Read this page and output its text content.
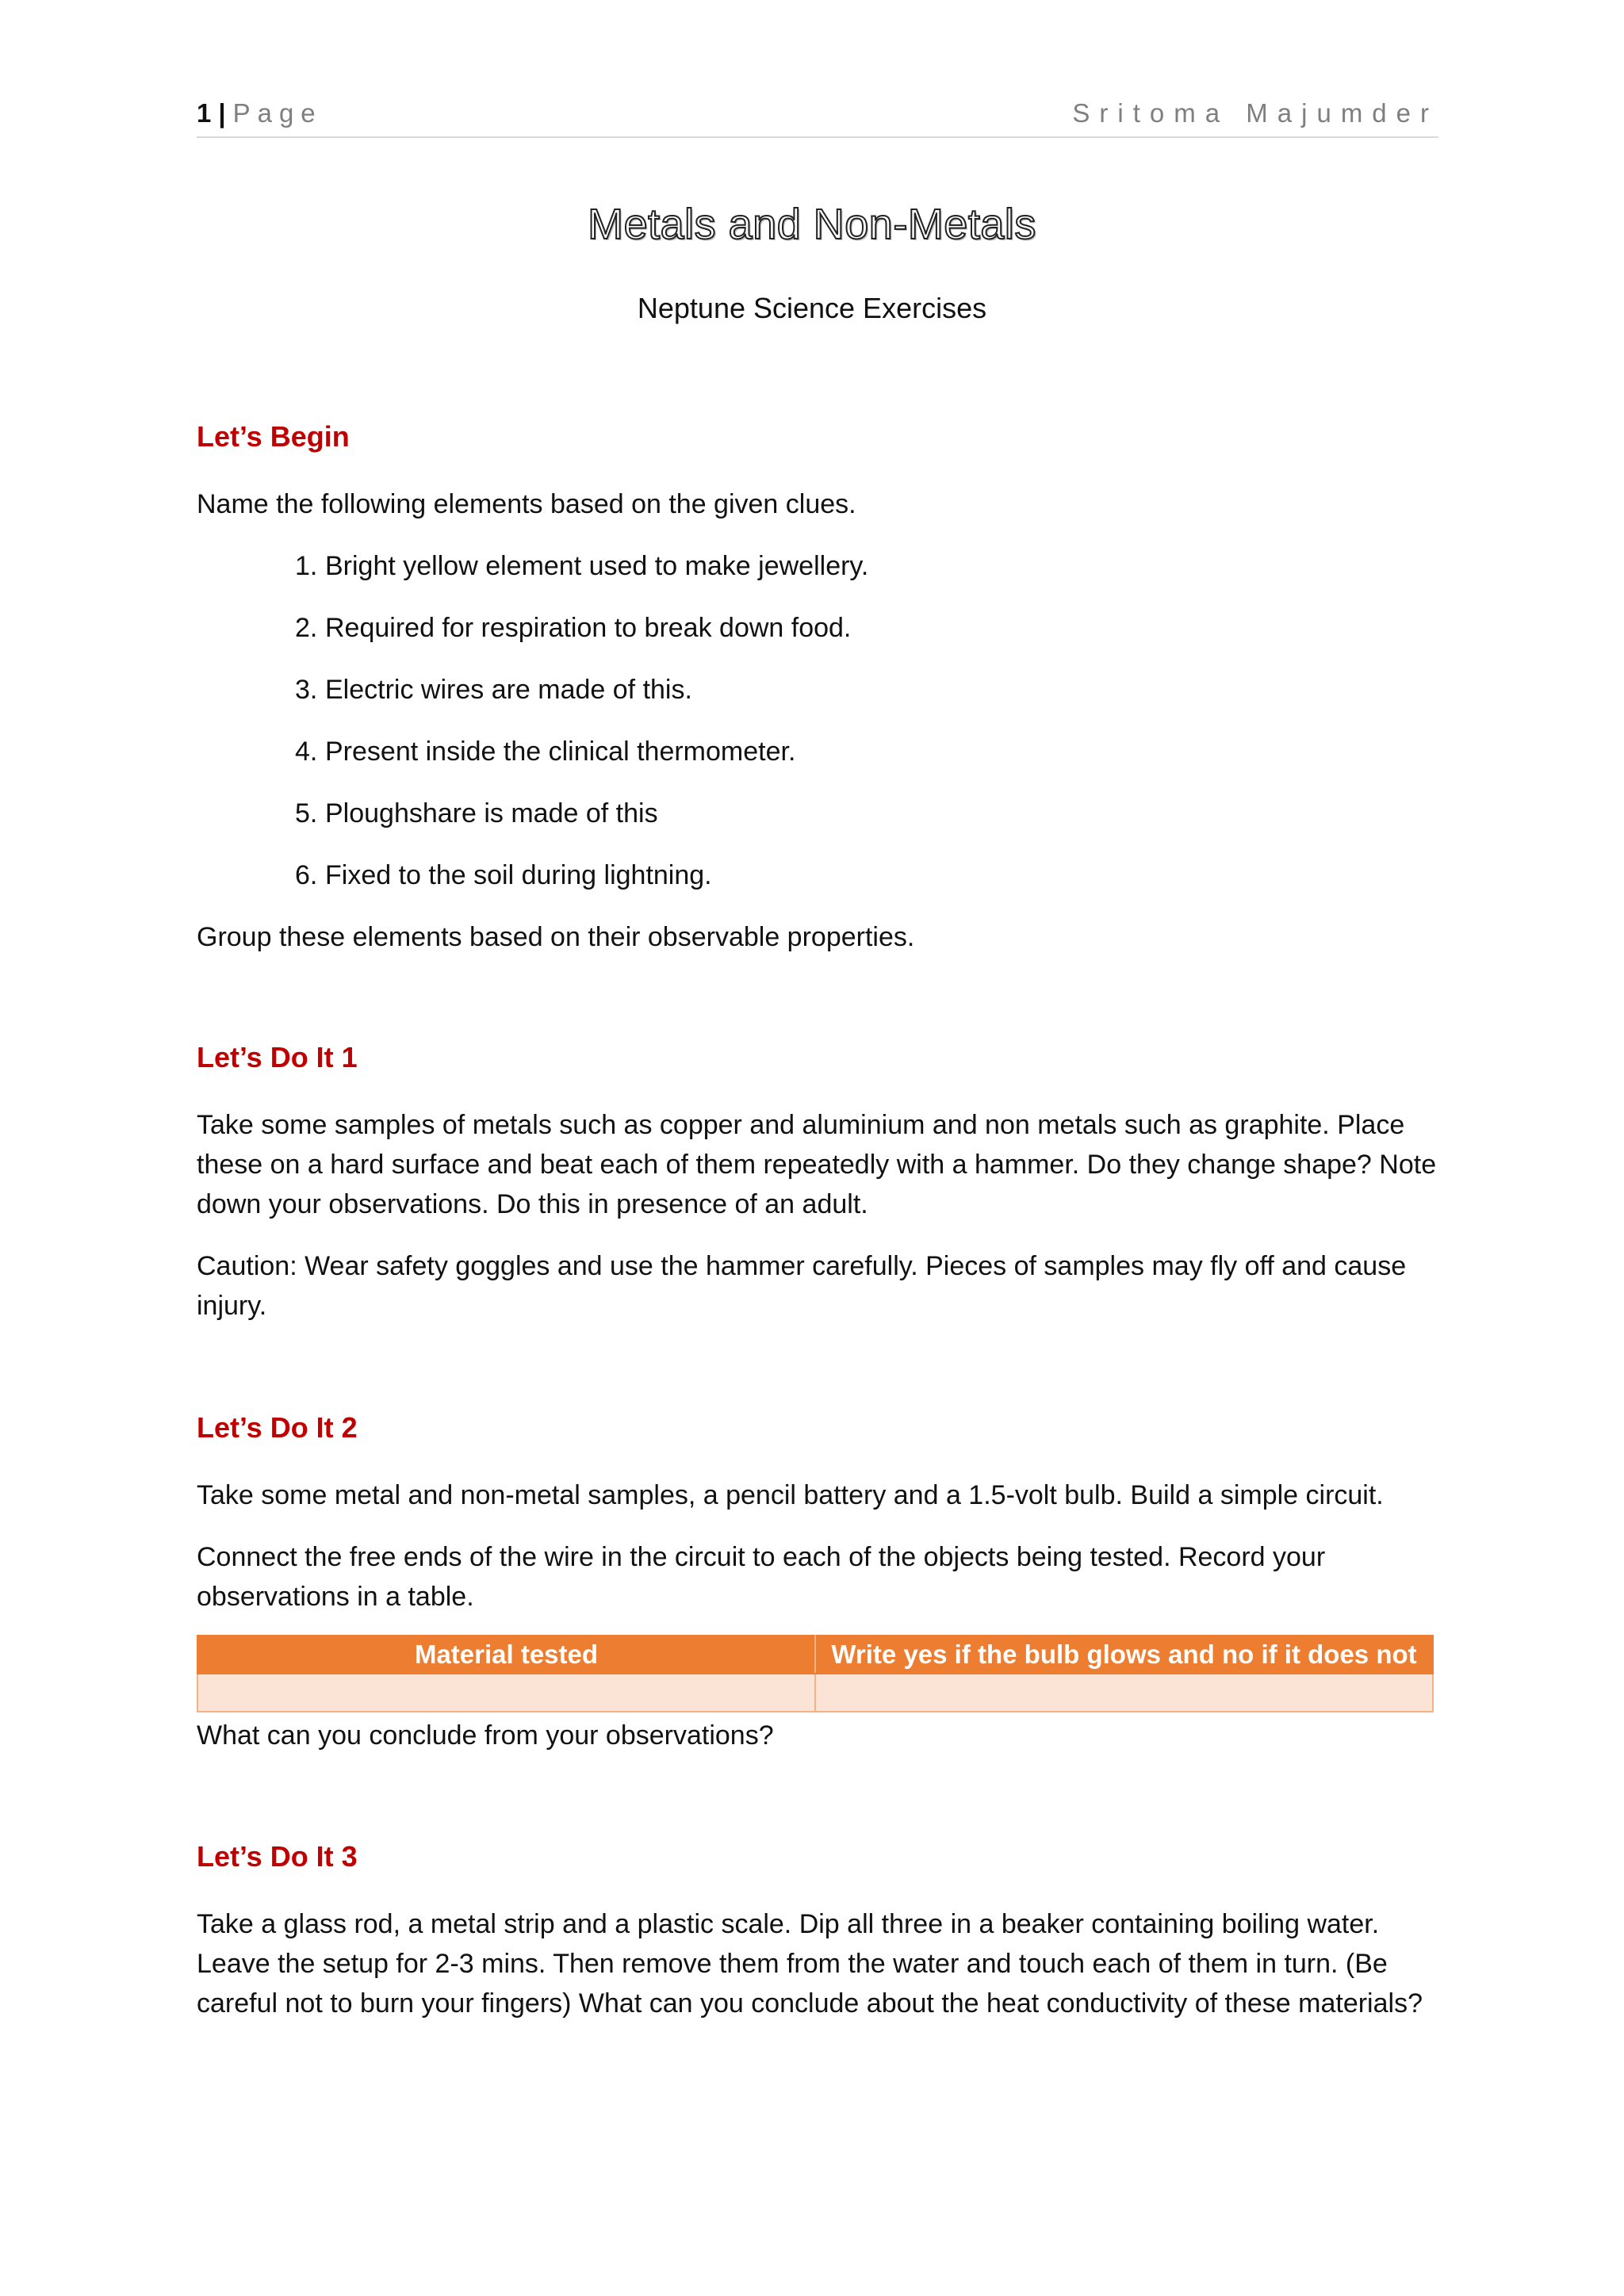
1 | Page	Sritoma Majumder
Metals and Non-Metals
Neptune Science Exercises
Let’s Begin
Name the following elements based on the given clues.
1. Bright yellow element used to make jewellery.
2. Required for respiration to break down food.
3. Electric wires are made of this.
4. Present inside the clinical thermometer.
5. Ploughshare is made of this
6. Fixed to the soil during lightning.
Group these elements based on their observable properties.
Let’s Do It 1
Take some samples of metals such as copper and aluminium and non metals such as graphite. Place these on a hard surface and beat each of them repeatedly with a hammer. Do they change shape? Note down your observations. Do this in presence of an adult.
Caution: Wear safety goggles and use the hammer carefully. Pieces of samples may fly off and cause injury.
Let’s Do It 2
Take some metal and non-metal samples, a pencil battery and a 1.5-volt bulb. Build a simple circuit.
Connect the free ends of the wire in the circuit to each of the objects being tested. Record your observations in a table.
Material tested	Write yes if the bulb glows and no if it does not

What can you conclude from your observations?
Let’s Do It 3
Take a glass rod, a metal strip and a plastic scale. Dip all three in a beaker containing boiling water. Leave the setup for 2-3 mins. Then remove them from the water and touch each of them in turn. (Be careful not to burn your fingers) What can you conclude about the heat conductivity of these materials?
